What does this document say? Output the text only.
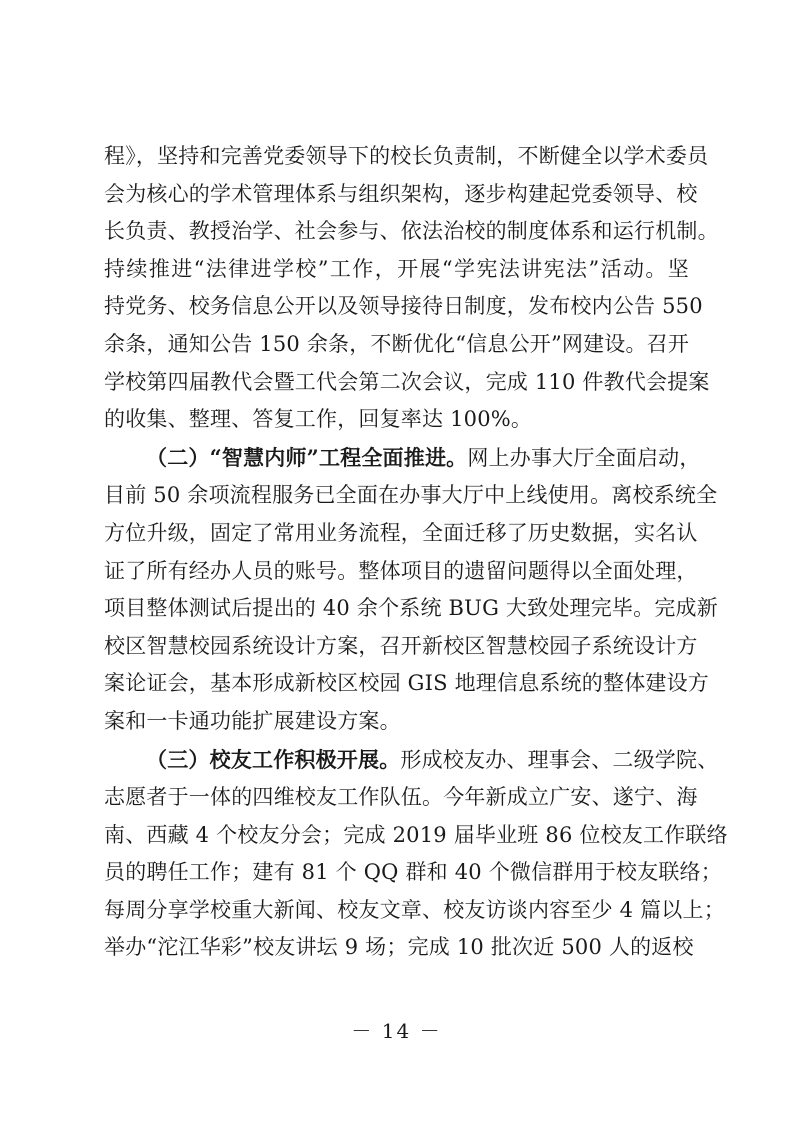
程》，坚持和完善党委领导下的校长负责制，不断健全以学术委员
会为核心的学术管理体系与组织架构，逐步构建起党委领导、校
长负责、教授治学、社会参与、依法治校的制度体系和运行机制。
持续推进“法律进学校”工作，开展“学宪法讲宪法”活动。坚
持党务、校务信息公开以及领导接待日制度，发布校内公告 550
余条，通知公告 150 余条，不断优化“信息公开”网建设。召开
学校第四届教代会暨工代会第二次会议，完成 110 件教代会提案
的收集、整理、答复工作，回复率达 100%。

（二）“智慧内师”工程全面推进。网上办事大厅全面启动，
目前 50 余项流程服务已全面在办事大厅中上线使用。离校系统全
方位升级，固定了常用业务流程，全面迁移了历史数据，实名认
证了所有经办人员的账号。整体项目的遗留问题得以全面处理，
项目整体测试后提出的 40 余个系统 BUG 大致处理完毕。完成新
校区智慧校园系统设计方案，召开新校区智慧校园子系统设计方
案论证会，基本形成新校区校园 GIS 地理信息系统的整体建设方
案和一卡通功能扩展建设方案。

（三）校友工作积极开展。形成校友办、理事会、二级学院、
志愿者于一体的四维校友工作队伍。今年新成立广安、遂宁、海
南、西藏 4 个校友分会；完成 2019 届毕业班 86 位校友工作联络
员的聘任工作；建有 81 个 QQ 群和 40 个微信群用于校友联络；
每周分享学校重大新闻、校友文章、校友访谈内容至少 4 篇以上；
举办“沱江华彩”校友讲坛 9 场；完成 10 批次近 500 人的返校

－ 14 －
